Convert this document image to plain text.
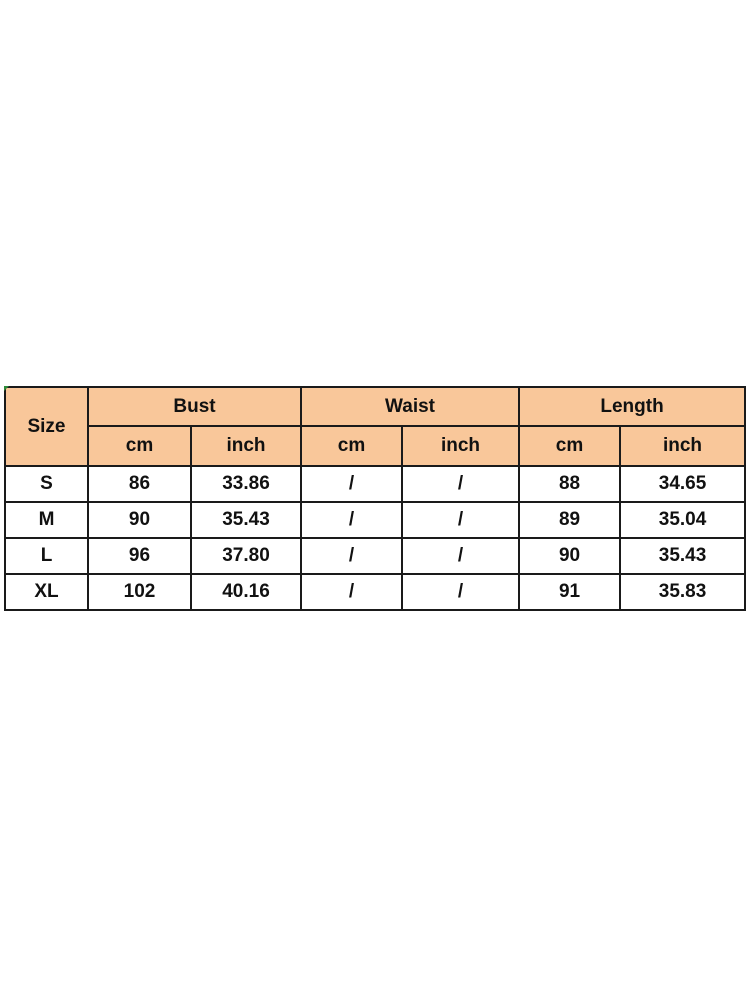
Size	Bust		Waist		Length	
	cm	inch	cm	inch	cm	inch
S	86	33.86	/	/	88	34.65
M	90	35.43	/	/	89	35.04
L	96	37.80	/	/	90	35.43
XL	102	40.16	/	/	91	35.83
